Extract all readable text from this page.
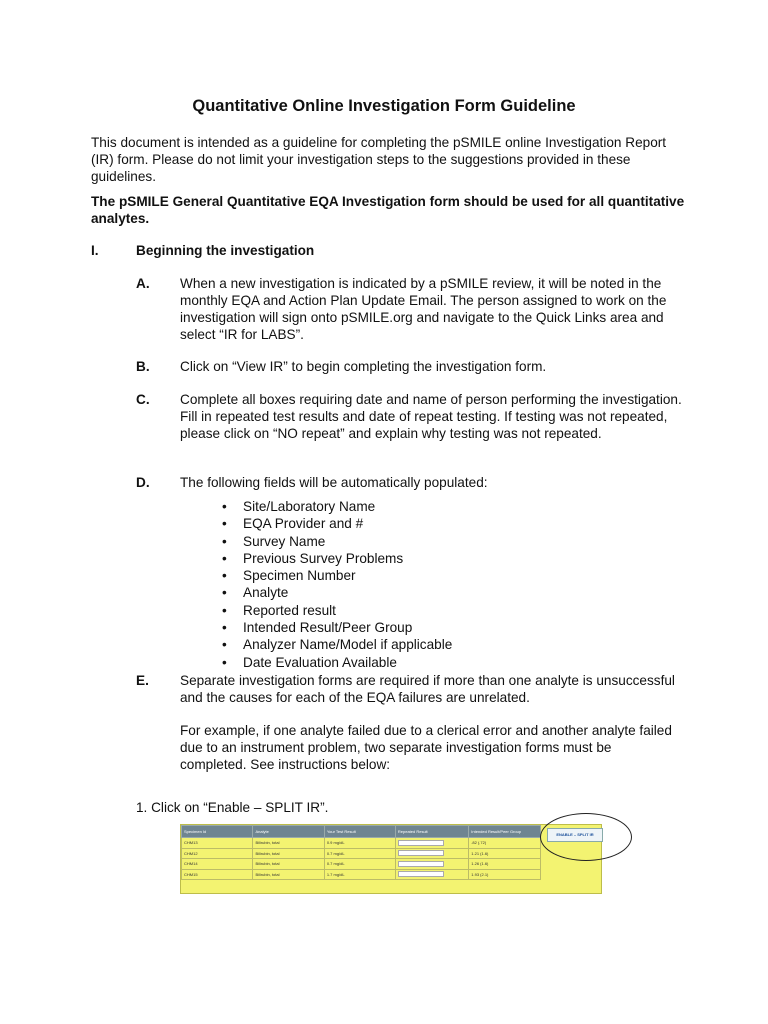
Quantitative Online Investigation Form Guideline
This document is intended as a guideline for completing the pSMILE online Investigation Report (IR) form. Please do not limit your investigation steps to the suggestions provided in these guidelines.
The pSMILE General Quantitative EQA Investigation form should be used for all quantitative analytes.
I.	Beginning the investigation
A. When a new investigation is indicated by a pSMILE review, it will be noted in the monthly EQA and Action Plan Update Email. The person assigned to work on the investigation will sign onto pSMILE.org and navigate to the Quick Links area and select “IR for LABS”.
B. Click on “View IR” to begin completing the investigation form.
C. Complete all boxes requiring date and name of person performing the investigation. Fill in repeated test results and date of repeat testing. If testing was not repeated, please click on “NO repeat” and explain why testing was not repeated.
D. The following fields will be automatically populated:
• Site/Laboratory Name
• EQA Provider and #
• Survey Name
• Previous Survey Problems
• Specimen Number
• Analyte
• Reported result
• Intended Result/Peer Group
• Analyzer Name/Model if applicable
• Date Evaluation Available
E. Separate investigation forms are required if more than one analyte is unsuccessful and the causes for each of the EQA failures are unrelated.
For example, if one analyte failed due to a clerical error and another analyte failed due to an instrument problem, two separate investigation forms must be completed. See instructions below:
1. Click on “Enable – SPLIT IR”.
Specimen Id	Analyte	Your Test Result	Repeated Result	Intended Result/Peer Group
CHM13	Bilirubin, total	0.9 mg/dL		.82 (.72)
CHM12	Bilirubin, total	0.7 mg/dL		1.21 (1.6)
CHM14	Bilirubin, total	0.7 mg/dL		1.26 (1.6)
CHM15	Bilirubin, total	1.7 mg/dL		1.93 (2.1)
ENABLE – SPLIT IR
